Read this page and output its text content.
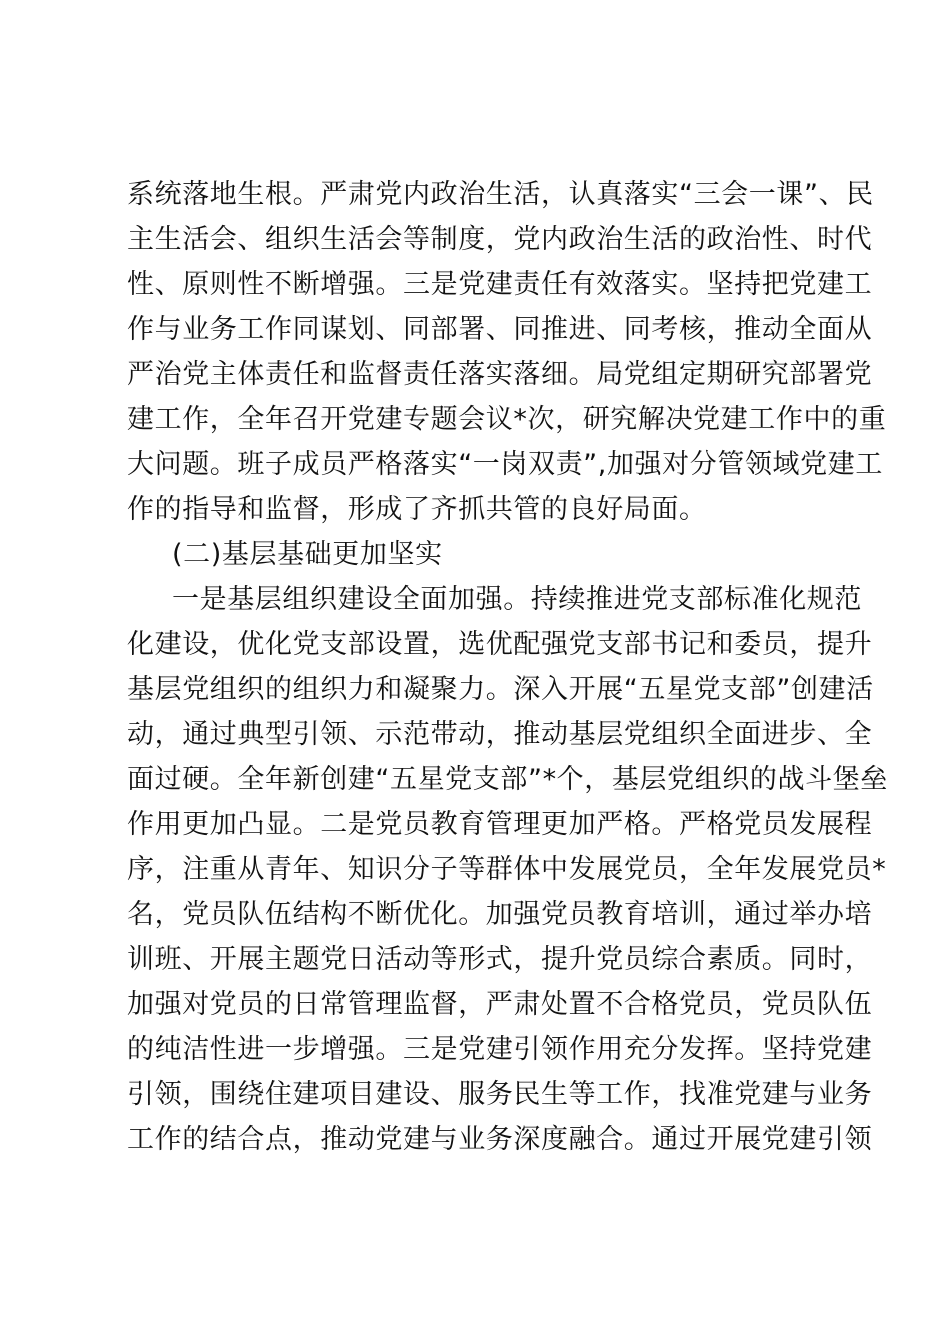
系统落地生根。严肃党内政治生活，认真落实“三会一课”、民
主生活会、组织生活会等制度，党内政治生活的政治性、时代
性、原则性不断增强。三是党建责任有效落实。坚持把党建工
作与业务工作同谋划、同部署、同推进、同考核，推动全面从
严治党主体责任和监督责任落实落细。局党组定期研究部署党
建工作，全年召开党建专题会议*次，研究解决党建工作中的重
大问题。班子成员严格落实“一岗双责”,加强对分管领域党建工
作的指导和监督，形成了齐抓共管的良好局面。
(二)基层基础更加坚实
一是基层组织建设全面加强。持续推进党支部标准化规范
化建设，优化党支部设置，选优配强党支部书记和委员，提升
基层党组织的组织力和凝聚力。深入开展“五星党支部”创建活
动，通过典型引领、示范带动，推动基层党组织全面进步、全
面过硬。全年新创建“五星党支部”*个，基层党组织的战斗堡垒
作用更加凸显。二是党员教育管理更加严格。严格党员发展程
序，注重从青年、知识分子等群体中发展党员，全年发展党员*
名，党员队伍结构不断优化。加强党员教育培训，通过举办培
训班、开展主题党日活动等形式，提升党员综合素质。同时，
加强对党员的日常管理监督，严肃处置不合格党员，党员队伍
的纯洁性进一步增强。三是党建引领作用充分发挥。坚持党建
引领，围绕住建项目建设、服务民生等工作，找准党建与业务
工作的结合点，推动党建与业务深度融合。通过开展党建引领
